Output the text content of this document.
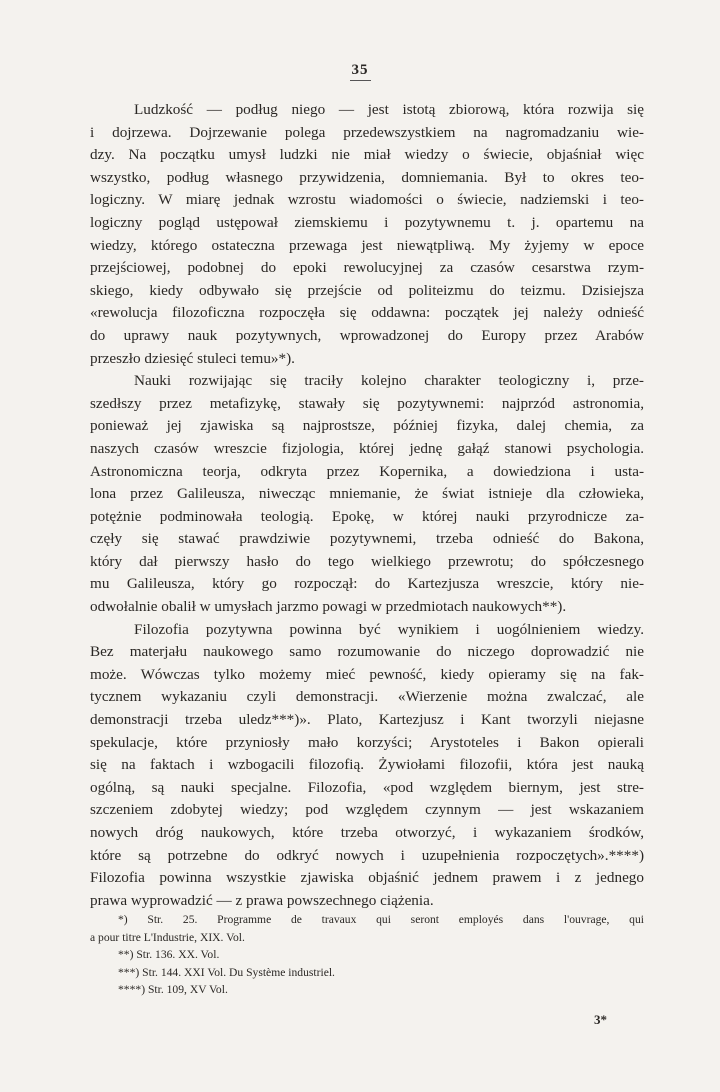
35

Ludzkość — podług niego — jest istotą zbiorową, która rozwija się
i dojrzewa. Dojrzewanie polega przedewszystkiem na nagromadzaniu wie-
dzy. Na początku umysł ludzki nie miał wiedzy o świecie, objaśniał więc
wszystko, podług własnego przywidzenia, domniemania. Był to okres teo-
logiczny. W miarę jednak wzrostu wiadomości o świecie, nadziemski i teo-
logiczny pogląd ustępował ziemskiemu i pozytywnemu t. j. opartemu na
wiedzy, którego ostateczna przewaga jest niewątpliwą. My żyjemy w epoce
przejściowej, podobnej do epoki rewolucyjnej za czasów cesarstwa rzym-
skiego, kiedy odbywało się przejście od politeizmu do teizmu. Dzisiejsza
«rewolucja filozoficzna rozpoczęła się oddawna: początek jej należy odnieść
do uprawy nauk pozytywnych, wprowadzonej do Europy przez Arabów
przeszło dziesięć stuleci temu»*).

Nauki rozwijając się traciły kolejno charakter teologiczny i, prze-
szedłszy przez metafizykę, stawały się pozytywnemi: najprzód astronomia,
ponieważ jej zjawiska są najprostsze, później fizyka, dalej chemia, za
naszych czasów wreszcie fizjologia, której jednę gałąź stanowi psychologia.
Astronomiczna teorja, odkryta przez Kopernika, a dowiedziona i usta-
lona przez Galileusza, niwecząc mniemanie, że świat istnieje dla człowieka,
potężnie podminowała teologią. Epokę, w której nauki przyrodnicze za-
częły się stawać prawdziwie pozytywnemi, trzeba odnieść do Bakona,
który dał pierwszy hasło do tego wielkiego przewrotu; do spółczesnego
mu Galileusza, który go rozpoczął: do Kartezjusza wreszcie, który nie-
odwołalnie obalił w umysłach jarzmo powagi w przedmiotach naukowych**).

Filozofia pozytywna powinna być wynikiem i uogólnieniem wiedzy.
Bez materjału naukowego samo rozumowanie do niczego doprowadzić nie
może. Wówczas tylko możemy mieć pewność, kiedy opieramy się na fak-
tycznem wykazaniu czyli demonstracji. «Wierzenie można zwalczać, ale
demonstracji trzeba uledz***)». Plato, Kartezjusz i Kant tworzyli niejasne
spekulacje, które przyniosły mało korzyści; Arystoteles i Bakon opierali
się na faktach i wzbogacili filozofią. Żywiołami filozofii, która jest nauką
ogólną, są nauki specjalne. Filozofia, «pod względem biernym, jest stre-
szczeniem zdobytej wiedzy; pod względem czynnym — jest wskazaniem
nowych dróg naukowych, które trzeba otworzyć, i wykazaniem środków,
które są potrzebne do odkryć nowych i uzupełnienia rozpoczętych».****)
Filozofia powinna wszystkie zjawiska objaśnić jednem prawem i z jednego
prawa wyprowadzić — z prawa powszechnego ciążenia.

*) Str. 25. Programme de travaux qui seront employés dans l'ouvrage, qui
a pour titre L'Industrie, XIX. Vol.
**) Str. 136. XX. Vol.
***) Str. 144. XXI Vol. Du Système industriel.
****) Str. 109, XV Vol.
3*
